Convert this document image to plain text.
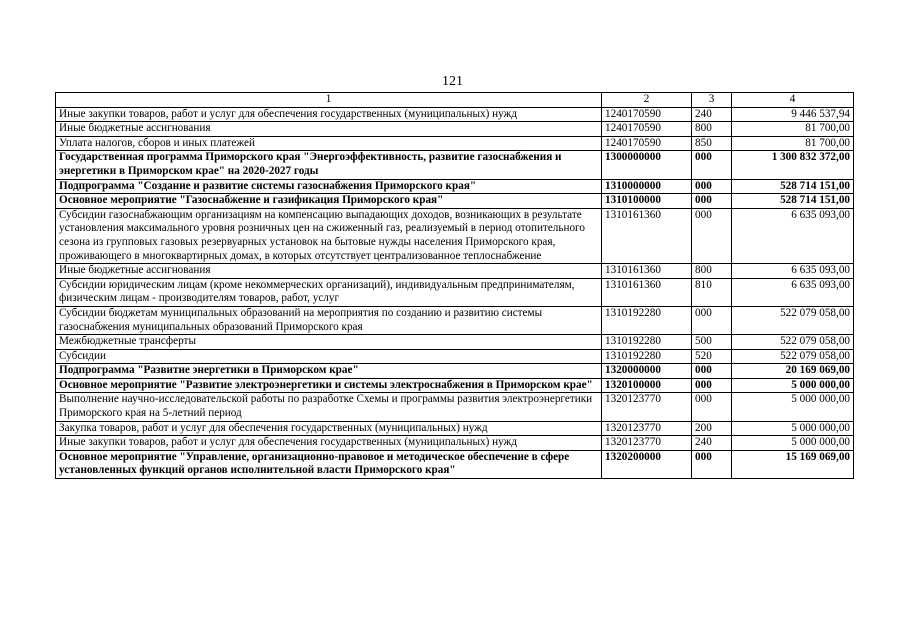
121
1	2	3	4
Иные закупки товаров, работ и услуг для обеспечения государственных (муниципальных) нужд	1240170590	240	9 446 537,94
Иные бюджетные ассигнования	1240170590	800	81 700,00
Уплата налогов, сборов и иных платежей	1240170590	850	81 700,00
Государственная программа Приморского края "Энергоэффективность, развитие газоснабжения и энергетики в Приморском крае" на 2020-2027 годы	1300000000	000	1 300 832 372,00
Подпрограмма "Создание и развитие системы газоснабжения Приморского края"	1310000000	000	528 714 151,00
Основное мероприятие "Газоснабжение и газификация Приморского края"	1310100000	000	528 714 151,00
Субсидии газоснабжающим организациям на компенсацию выпадающих доходов, возникающих в результате установления максимального уровня розничных цен на сжиженный газ, реализуемый в период отопительного сезона из групповых газовых резервуарных установок на бытовые нужды населения Приморского края, проживающего в многоквартирных домах, в которых отсутствует централизованное теплоснабжение	1310161360	000	6 635 093,00
Иные бюджетные ассигнования	1310161360	800	6 635 093,00
Субсидии юридическим лицам (кроме некоммерческих организаций), индивидуальным предпринимателям, физическим лицам - производителям товаров, работ, услуг	1310161360	810	6 635 093,00
Субсидии бюджетам муниципальных образований на мероприятия по созданию и развитию системы газоснабжения муниципальных образований Приморского края	1310192280	000	522 079 058,00
Межбюджетные трансферты	1310192280	500	522 079 058,00
Субсидии	1310192280	520	522 079 058,00
Подпрограмма "Развитие энергетики в Приморском крае"	1320000000	000	20 169 069,00
Основное мероприятие "Развитие электроэнергетики и системы электроснабжения в Приморском крае"	1320100000	000	5 000 000,00
Выполнение научно-исследовательской работы по разработке Схемы и программы развития электроэнергетики Приморского края на 5-летний период	1320123770	000	5 000 000,00
Закупка товаров, работ и услуг для обеспечения государственных (муниципальных) нужд	1320123770	200	5 000 000,00
Иные закупки товаров, работ и услуг для обеспечения государственных (муниципальных) нужд	1320123770	240	5 000 000,00
Основное мероприятие "Управление, организационно-правовое и методическое обеспечение в сфере установленных функций органов исполнительной власти Приморского края"	1320200000	000	15 169 069,00
